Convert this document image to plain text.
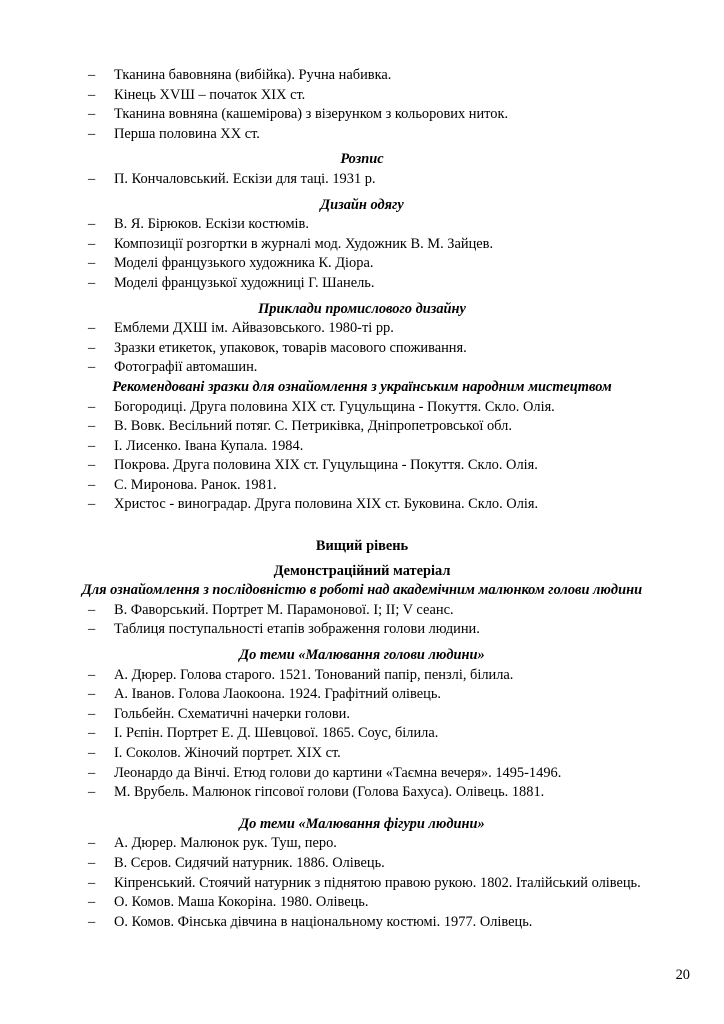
– Тканина бавовняна (вибійка). Ручна набивка.
– Кінець XVШ – початок XIX ст.
– Тканина вовняна (кашемірова) з візерунком з кольорових ниток.
– Перша половина XX ст.
Розпис
– П. Кончаловський. Ескізи для таці. 1931 р.
Дизайн одягу
– В. Я. Бірюков. Ескізи костюмів.
– Композиції розгортки в журналі мод. Художник В. М. Зайцев.
– Моделі французького художника К. Діора.
– Моделі французької художниці Г. Шанель.
Приклади промислового дизайну
– Емблеми ДХШ ім. Айвазовського. 1980-ті рр.
– Зразки етикеток, упаковок, товарів масового споживання.
– Фотографії автомашин.
Рекомендовані зразки для ознайомлення з українським народним мистецтвом
– Богородиці. Друга половина XIX ст. Гуцульщина - Покуття. Скло. Олія.
– В. Вовк. Весільний потяг. С. Петриківка, Дніпропетровської обл.
– І. Лисенко. Івана Купала. 1984.
– Покрова. Друга половина XIX ст. Гуцульщина - Покуття. Скло. Олія.
– С. Миронова. Ранок. 1981.
– Христос - виноградар. Друга половина XIX ст. Буковина. Скло. Олія.
Вищий рівень
Демонстраційний матеріал
Для ознайомлення з послідовністю в роботі над академічним малюнком голови людини
– В. Фаворський. Портрет М. Парамонової. I; II; V сеанс.
– Таблиця поступальності етапів зображення голови людини.
До теми «Малювання голови людини»
– А. Дюрер. Голова старого. 1521. Тонований папір, пензлі, білила.
– А. Іванов. Голова Лаокоона. 1924. Графітний олівець.
– Гольбейн. Схематичні начерки голови.
– І. Рєпін. Портрет Е. Д. Шевцової. 1865. Соус, білила.
– І. Соколов. Жіночий портрет. XIX ст.
– Леонардо да Вінчі. Етюд голови до картини «Таємна вечеря». 1495-1496.
– М. Врубель. Малюнок гіпсової голови (Голова Бахуса). Олівець. 1881.
До теми «Малювання фігури людини»
– А. Дюрер. Малюнок рук. Туш, перо.
– В. Сєров. Сидячий натурник. 1886. Олівець.
– Кіпренський. Стоячий натурник з піднятою правою рукою. 1802. Італійський олівець.
– О. Комов. Маша Кокоріна. 1980. Олівець.
– О. Комов. Фінська дівчина в національному костюмі. 1977. Олівець.
20
